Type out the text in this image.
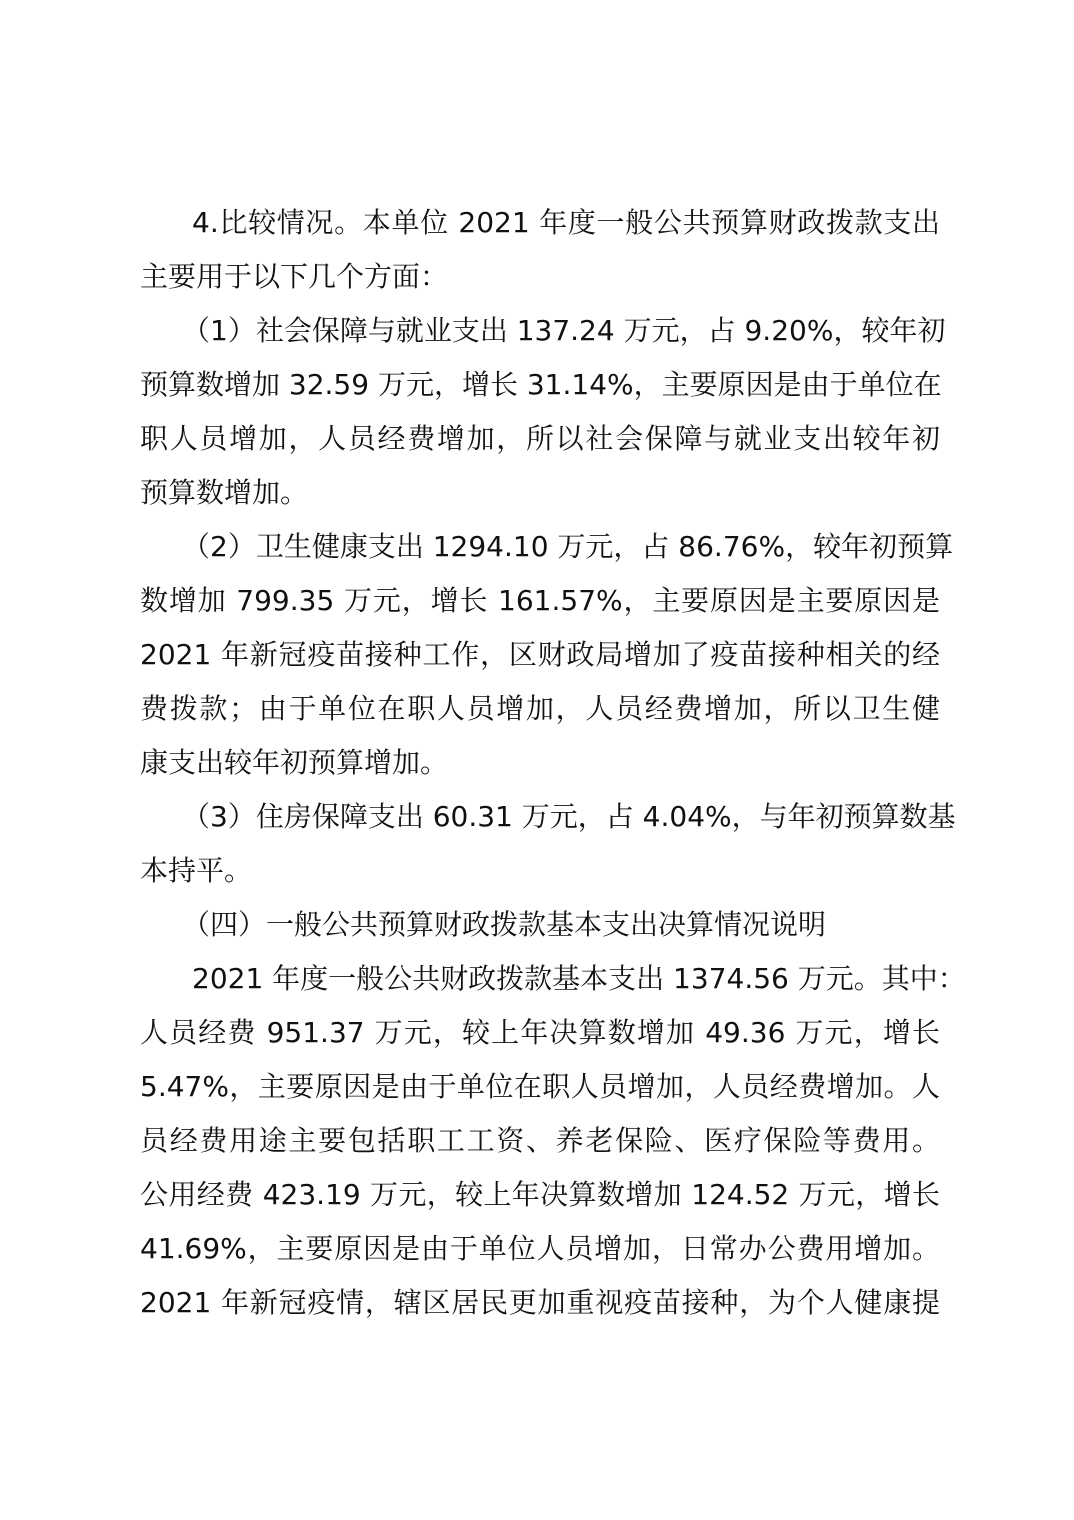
4.比较情况。本单位 2021 年度一般公共预算财政拨款支出
主要用于以下几个方面：
（1）社会保障与就业支出 137.24 万元，占 9.20%，较年初
预算数增加 32.59 万元，增长 31.14%，主要原因是由于单位在
职人员增加，人员经费增加，所以社会保障与就业支出较年初
预算数增加。
（2）卫生健康支出 1294.10 万元，占 86.76%，较年初预算
数增加 799.35 万元，增长 161.57%，主要原因是主要原因是
2021 年新冠疫苗接种工作，区财政局增加了疫苗接种相关的经
费拨款；由于单位在职人员增加，人员经费增加，所以卫生健
康支出较年初预算增加。
（3）住房保障支出 60.31 万元，占 4.04%，与年初预算数基
本持平。
（四）一般公共预算财政拨款基本支出决算情况说明
2021 年度一般公共财政拨款基本支出 1374.56 万元。其中：
人员经费 951.37 万元，较上年决算数增加 49.36 万元，增长
5.47%，主要原因是由于单位在职人员增加，人员经费增加。人
员经费用途主要包括职工工资、养老保险、医疗保险等费用。
公用经费 423.19 万元，较上年决算数增加 124.52 万元，增长
41.69%，主要原因是由于单位人员增加，日常办公费用增加。
2021 年新冠疫情，辖区居民更加重视疫苗接种，为个人健康提
